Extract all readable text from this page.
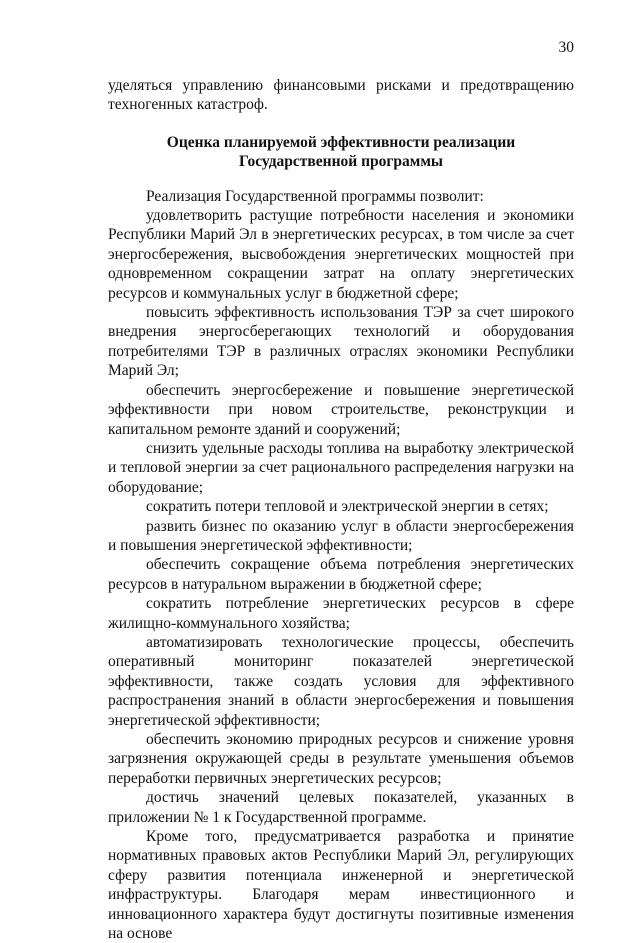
30

уделяться управлению финансовыми рисками и предотвращению техногенных катастроф.

Оценка планируемой эффективности реализации
Государственной программы

Реализация Государственной программы позволит:

удовлетворить растущие потребности населения и экономики Республики Марий Эл в энергетических ресурсах, в том числе за счет энергосбережения, высвобождения энергетических мощностей при одновременном сокращении затрат на оплату энергетических ресурсов и коммунальных услуг в бюджетной сфере;

повысить эффективность использования ТЭР за счет широкого внедрения энергосберегающих технологий и оборудования потребителями ТЭР в различных отраслях экономики Республики Марий Эл;

обеспечить энергосбережение и повышение энергетической эффективности при новом строительстве, реконструкции и капитальном ремонте зданий и сооружений;

снизить удельные расходы топлива на выработку электрической и тепловой энергии за счет рационального распределения нагрузки на оборудование;

сократить потери тепловой и электрической энергии в сетях;

развить бизнес по оказанию услуг в области энергосбережения и повышения энергетической эффективности;

обеспечить сокращение объема потребления энергетических ресурсов в натуральном выражении в бюджетной сфере;

сократить потребление энергетических ресурсов в сфере жилищно-коммунального хозяйства;

автоматизировать технологические процессы, обеспечить оперативный мониторинг показателей энергетической эффективности, также создать условия для эффективного распространения знаний в области энергосбережения и повышения энергетической эффективности;

обеспечить экономию природных ресурсов и снижение уровня загрязнения окружающей среды в результате уменьшения объемов переработки первичных энергетических ресурсов;

достичь значений целевых показателей, указанных в приложении № 1 к Государственной программе.

Кроме того, предусматривается разработка и принятие нормативных правовых актов Республики Марий Эл, регулирующих сферу развития потенциала инженерной и энергетической инфраструктуры. Благодаря мерам инвестиционного и инновационного характера будут достигнуты позитивные изменения на основе
